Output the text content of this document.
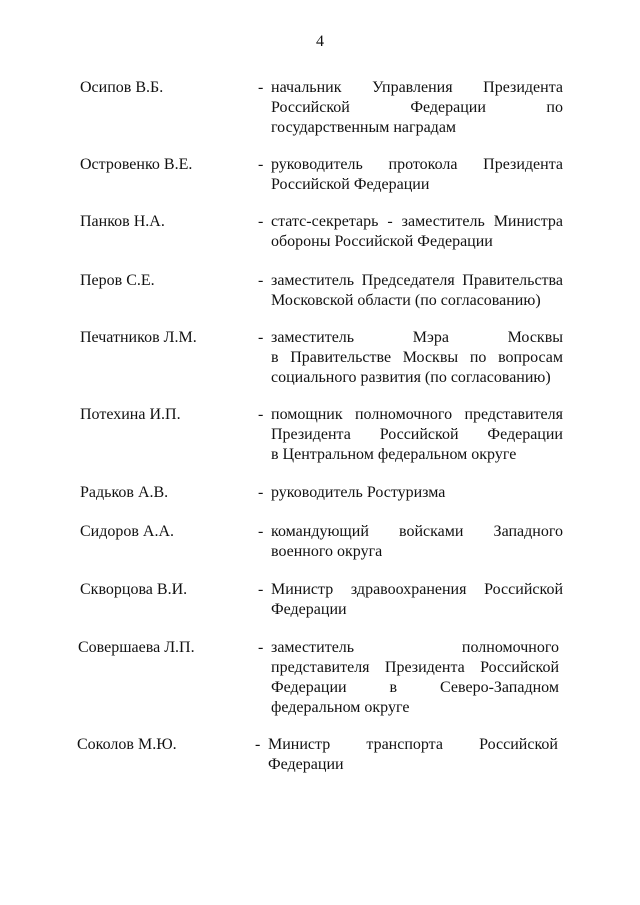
4
Осипов В.Б.	- начальник Управления Президента
Российской Федерации по
государственным наградам
Островенко В.Е.	- руководитель протокола Президента
Российской Федерации
Панков Н.А.	- статс-секретарь - заместитель Министра
обороны Российской Федерации
Перов С.Е.	- заместитель Председателя Правительства
Московской области (по согласованию)
Печатников Л.М.	- заместитель Мэра Москвы
в Правительстве Москвы по вопросам
социального развития (по согласованию)
Потехина И.П.	- помощник полномочного представителя
Президента Российской Федерации
в Центральном федеральном округе
Радьков А.В.	- руководитель Ростуризма
Сидоров А.А.	- командующий войсками Западного
военного округа
Скворцова В.И.	- Министр здравоохранения Российской
Федерации
Совершаева Л.П.	- заместитель полномочного
представителя Президента Российской
Федерации в Северо-Западном
федеральном округе
Соколов М.Ю.	- Министр транспорта Российской
Федерации
